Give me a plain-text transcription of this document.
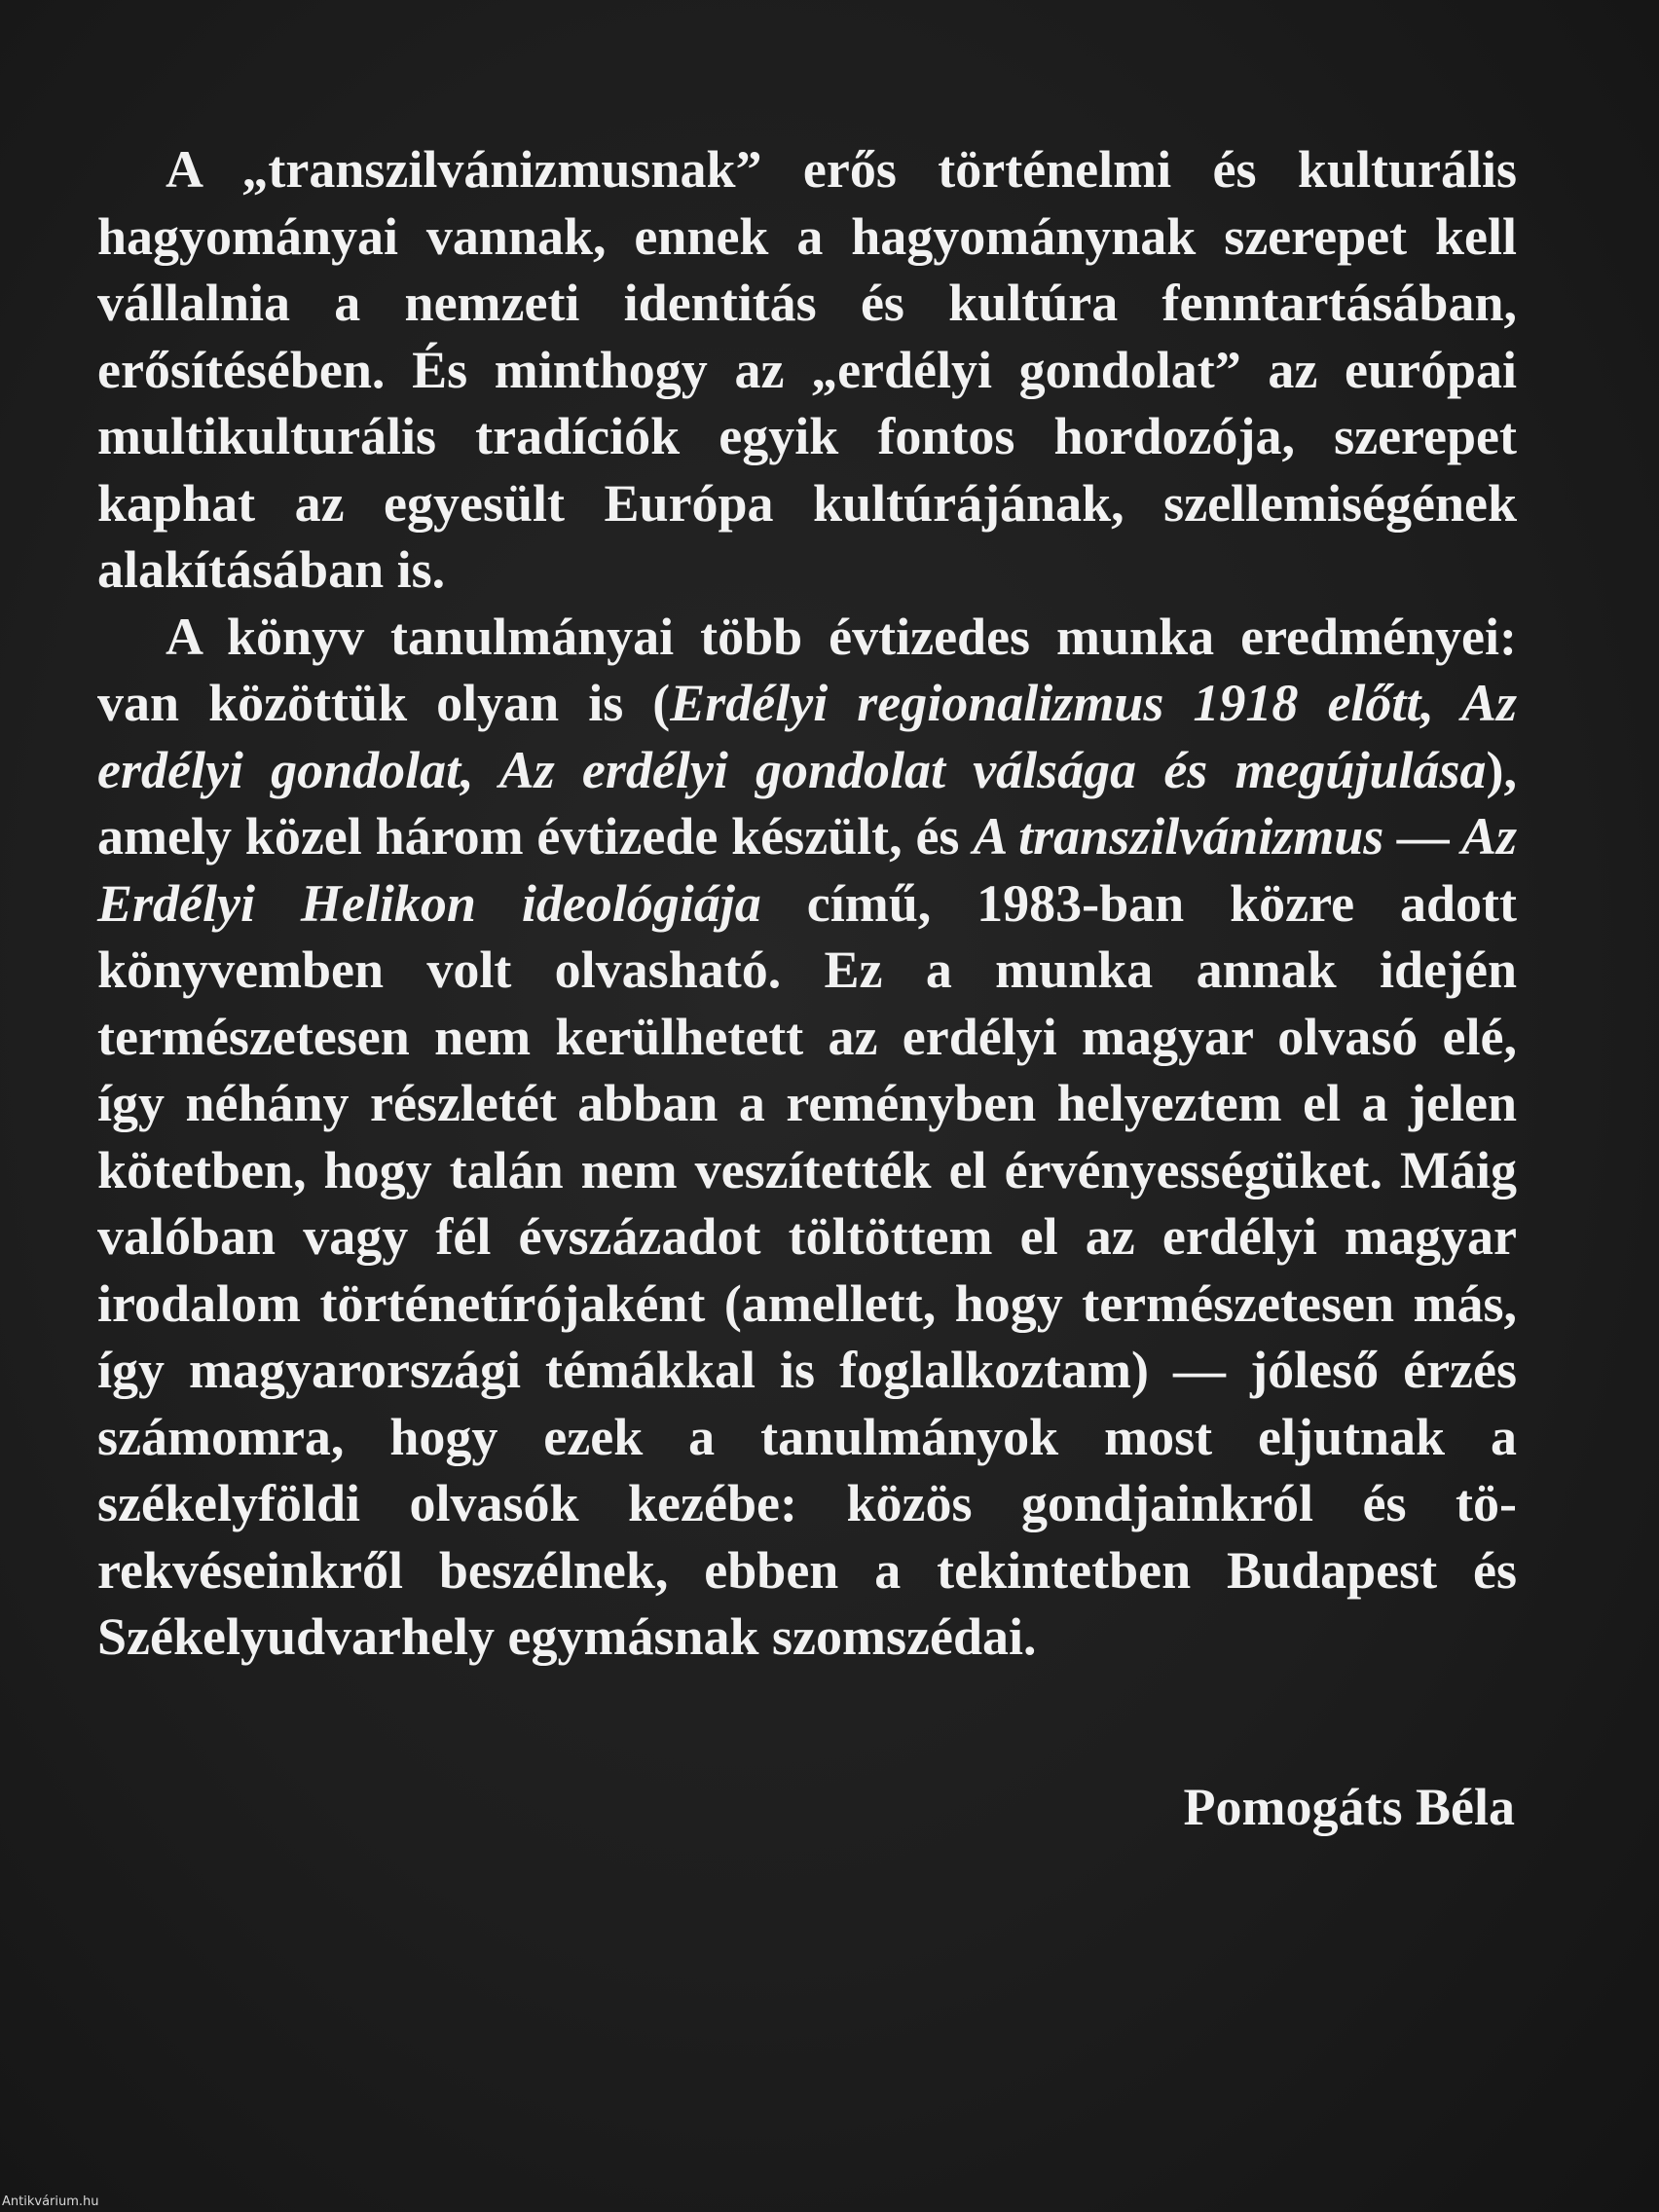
A „transzilvánizmusnak” erős történelmi és kulturális hagyományai vannak, ennek a hagyománynak szerepet kell vállalnia a nemzeti identitás és kultúra fenntartásában, erősítésében. És minthogy az „erdélyi gondolat” az európai multikulturális tradíciók egyik fontos hordozója, szerepet kaphat az egyesült Európa kultúrájának, szellemiségének alakításában is.

A könyv tanulmányai több évtizedes munka eredményei: van közöttük olyan is (Erdélyi regionalizmus 1918 előtt, Az erdélyi gondolat, Az erdélyi gondolat válsága és megújulása), amely közel három évtizede készült, és A transzilvánizmus — Az Erdélyi Helikon ideológiája című, 1983-ban közre adott könyvemben volt olvasható. Ez a munka annak idején természetesen nem kerülhetett az erdélyi magyar olvasó elé, így néhány részletét abban a reményben helyeztem el a jelen kötetben, hogy talán nem veszítették el érvényességüket. Máig valóban vagy fél évszázadot töltöttem el az erdélyi magyar irodalom történetírójaként (amellett, hogy természetesen más, így magyarországi témákkal is foglalkoztam) — jóleső érzés számomra, hogy ezek a tanulmányok most eljutnak a székelyföldi olvasók kezébe: közös gondjainkról és törekvéseinkről beszélnek, ebben a tekintetben Budapest és Székelyudvarhely egymásnak szomszédai.

Pomogáts Béla
Antikvárium.hu
